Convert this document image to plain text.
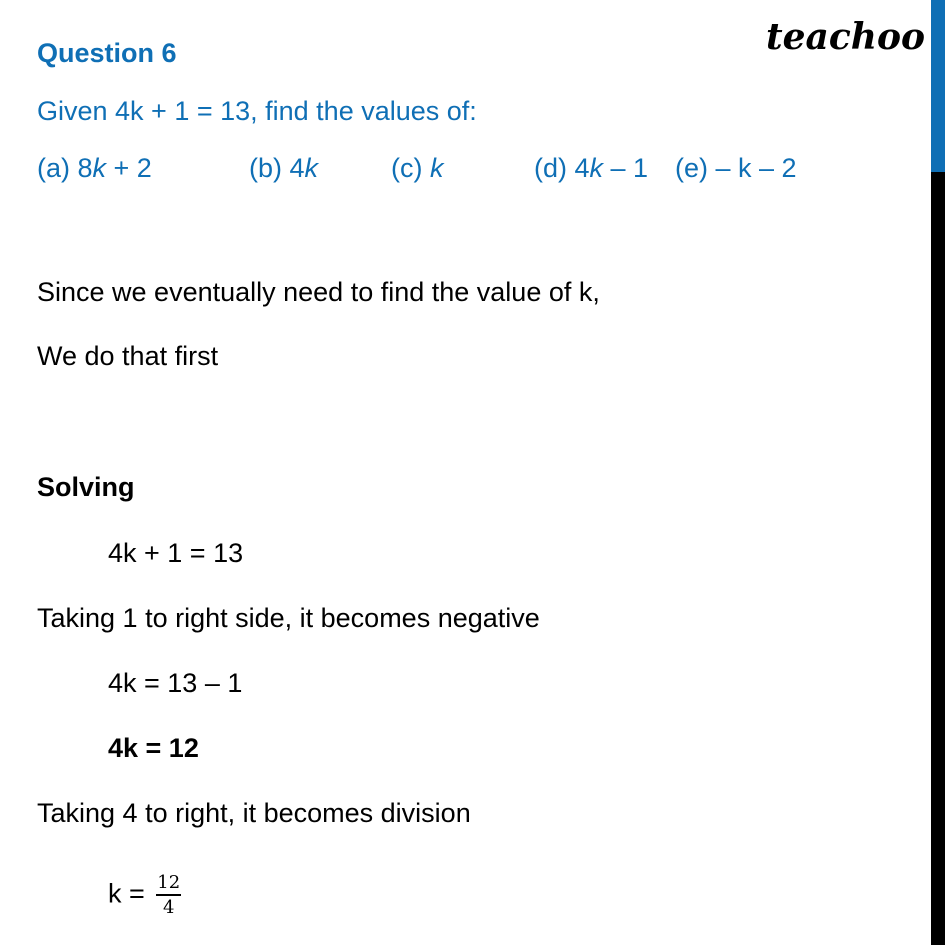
teachoo
Question 6
Given 4k + 1 = 13, find the values of:
(a) 8k + 2	(b) 4k	(c) k	(d) 4k – 1 (e) – k – 2
Since we eventually need to find the value of k,
We do that first
Solving
4k + 1 = 13
Taking 1 to right side, it becomes negative
4k = 13 – 1
4k = 12
Taking 4 to right, it becomes division
$k = \frac{12}{4}$
